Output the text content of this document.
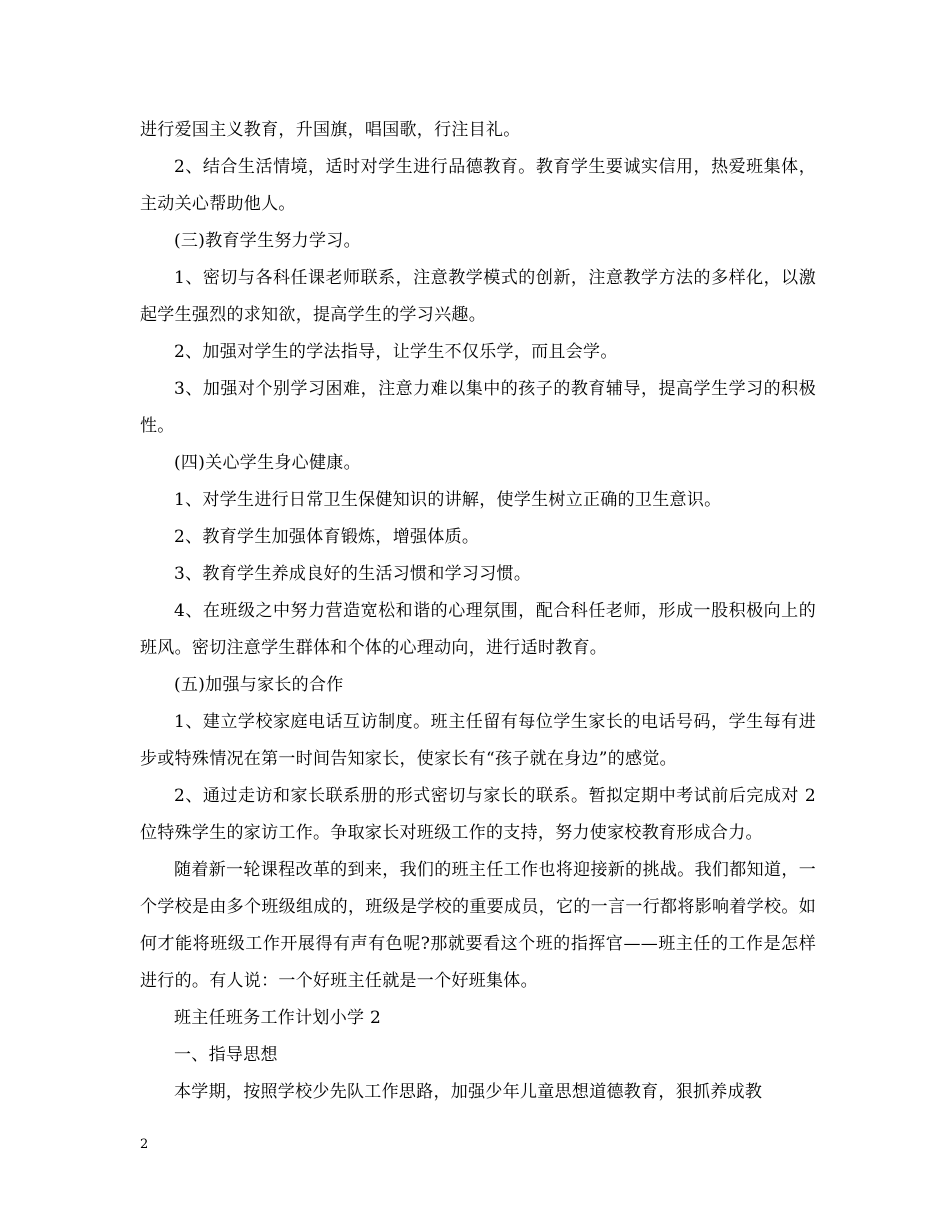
进行爱国主义教育，升国旗，唱国歌，行注目礼。

2、结合生活情境，适时对学生进行品德教育。教育学生要诚实信用，热爱班集体，主动关心帮助他人。

(三)教育学生努力学习。

1、密切与各科任课老师联系，注意教学模式的创新，注意教学方法的多样化，以激起学生强烈的求知欲，提高学生的学习兴趣。

2、加强对学生的学法指导，让学生不仅乐学，而且会学。

3、加强对个别学习困难，注意力难以集中的孩子的教育辅导，提高学生学习的积极性。

(四)关心学生身心健康。

1、对学生进行日常卫生保健知识的讲解，使学生树立正确的卫生意识。

2、教育学生加强体育锻炼，增强体质。

3、教育学生养成良好的生活习惯和学习习惯。

4、在班级之中努力营造宽松和谐的心理氛围，配合科任老师，形成一股积极向上的班风。密切注意学生群体和个体的心理动向，进行适时教育。

(五)加强与家长的合作

1、建立学校家庭电话互访制度。班主任留有每位学生家长的电话号码，学生每有进步或特殊情况在第一时间告知家长，使家长有“孩子就在身边”的感觉。

2、通过走访和家长联系册的形式密切与家长的联系。暂拟定期中考试前后完成对 2 位特殊学生的家访工作。争取家长对班级工作的支持，努力使家校教育形成合力。

随着新一轮课程改革的到来，我们的班主任工作也将迎接新的挑战。我们都知道，一个学校是由多个班级组成的，班级是学校的重要成员，它的一言一行都将影响着学校。如何才能将班级工作开展得有声有色呢?那就要看这个班的指挥官——班主任的工作是怎样进行的。有人说：一个好班主任就是一个好班集体。

班主任班务工作计划小学 2

一、指导思想

本学期，按照学校少先队工作思路，加强少年儿童思想道德教育，狠抓养成教

2
